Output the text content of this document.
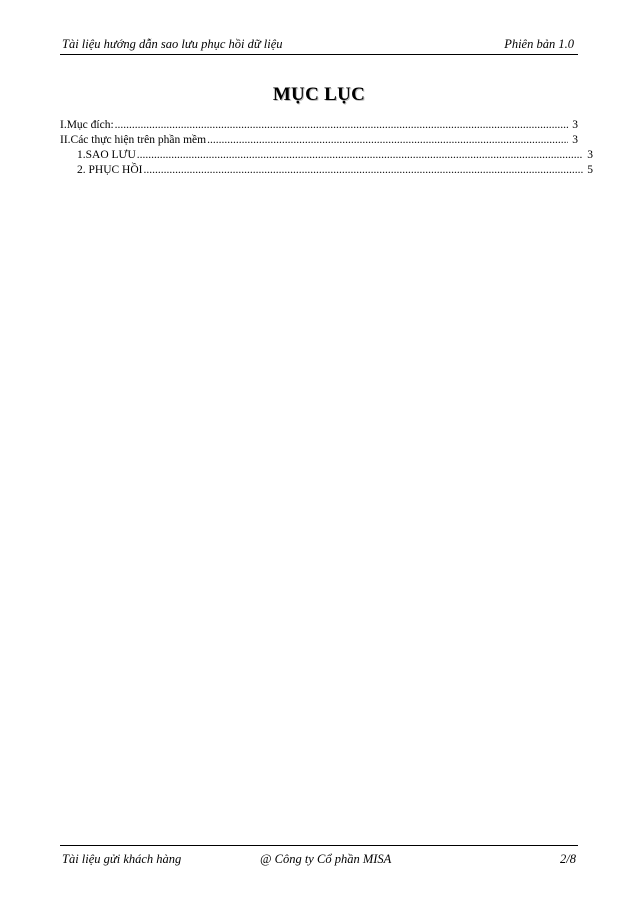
Tài liệu hướng dẫn sao lưu phục hồi dữ liệu	Phiên bản 1.0
MỤC LỤC
I.Mục đích: .....	3
II.Các thực hiện trên phần mềm .....	3
1.SAO LƯU .....	3
2. PHỤC HỒI .....	5
Tài liệu gửi khách hàng	@ Công ty Cổ phần MISA	2/8
